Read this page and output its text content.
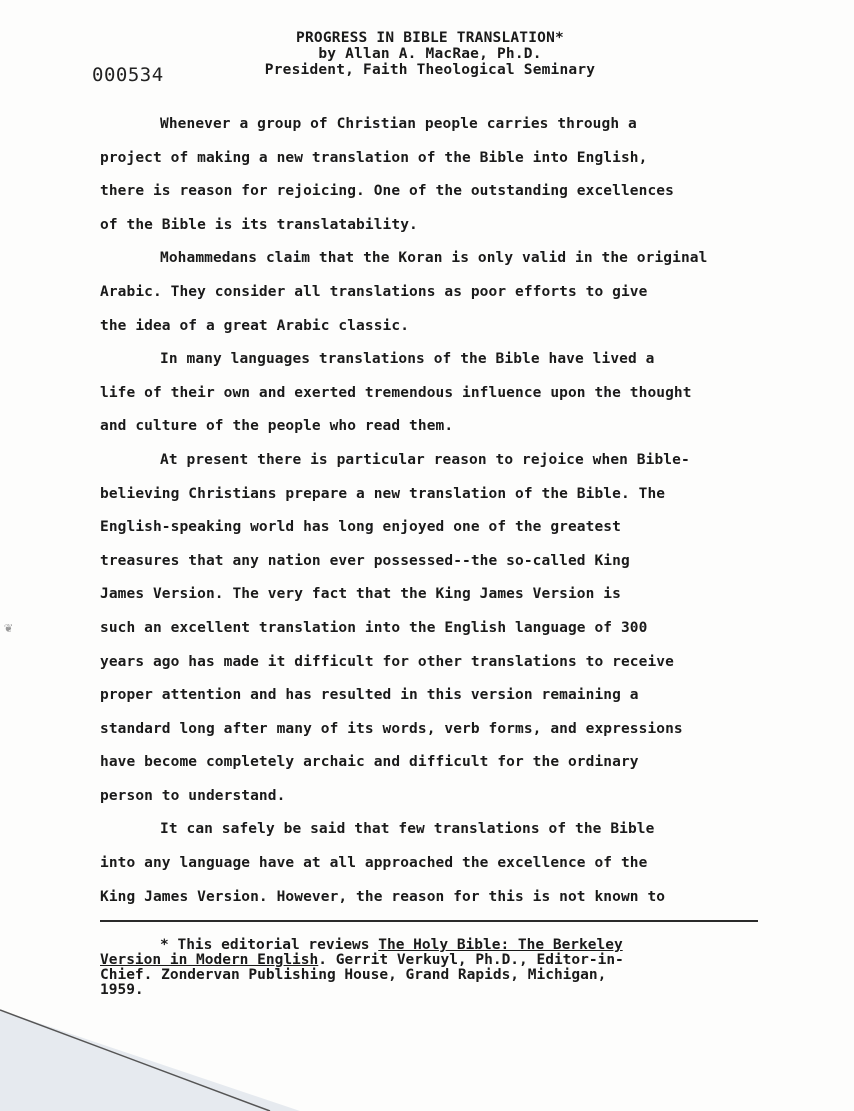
PROGRESS IN BIBLE TRANSLATION*
by Allan A. MacRae, Ph.D.
President, Faith Theological Seminary
000534
Whenever a group of Christian people carries through a
project of making a new translation of the Bible into English,
there is reason for rejoicing. One of the outstanding excellences
of the Bible is its translatability.
Mohammedans claim that the Koran is only valid in the original
Arabic. They consider all translations as poor efforts to give
the idea of a great Arabic classic.
In many languages translations of the Bible have lived a
life of their own and exerted tremendous influence upon the thought
and culture of the people who read them.
At present there is particular reason to rejoice when Bible-
believing Christians prepare a new translation of the Bible. The
English-speaking world has long enjoyed one of the greatest
treasures that any nation ever possessed--the so-called King
James Version. The very fact that the King James Version is
such an excellent translation into the English language of 300
years ago has made it difficult for other translations to receive
proper attention and has resulted in this version remaining a
standard long after many of its words, verb forms, and expressions
have become completely archaic and difficult for the ordinary
person to understand.
It can safely be said that few translations of the Bible
into any language have at all approached the excellence of the
King James Version. However, the reason for this is not known to
* This editorial reviews The Holy Bible: The Berkeley
Version in Modern English. Gerrit Verkuyl, Ph.D., Editor-in-
Chief. Zondervan Publishing House, Grand Rapids, Michigan,
1959.
❦
